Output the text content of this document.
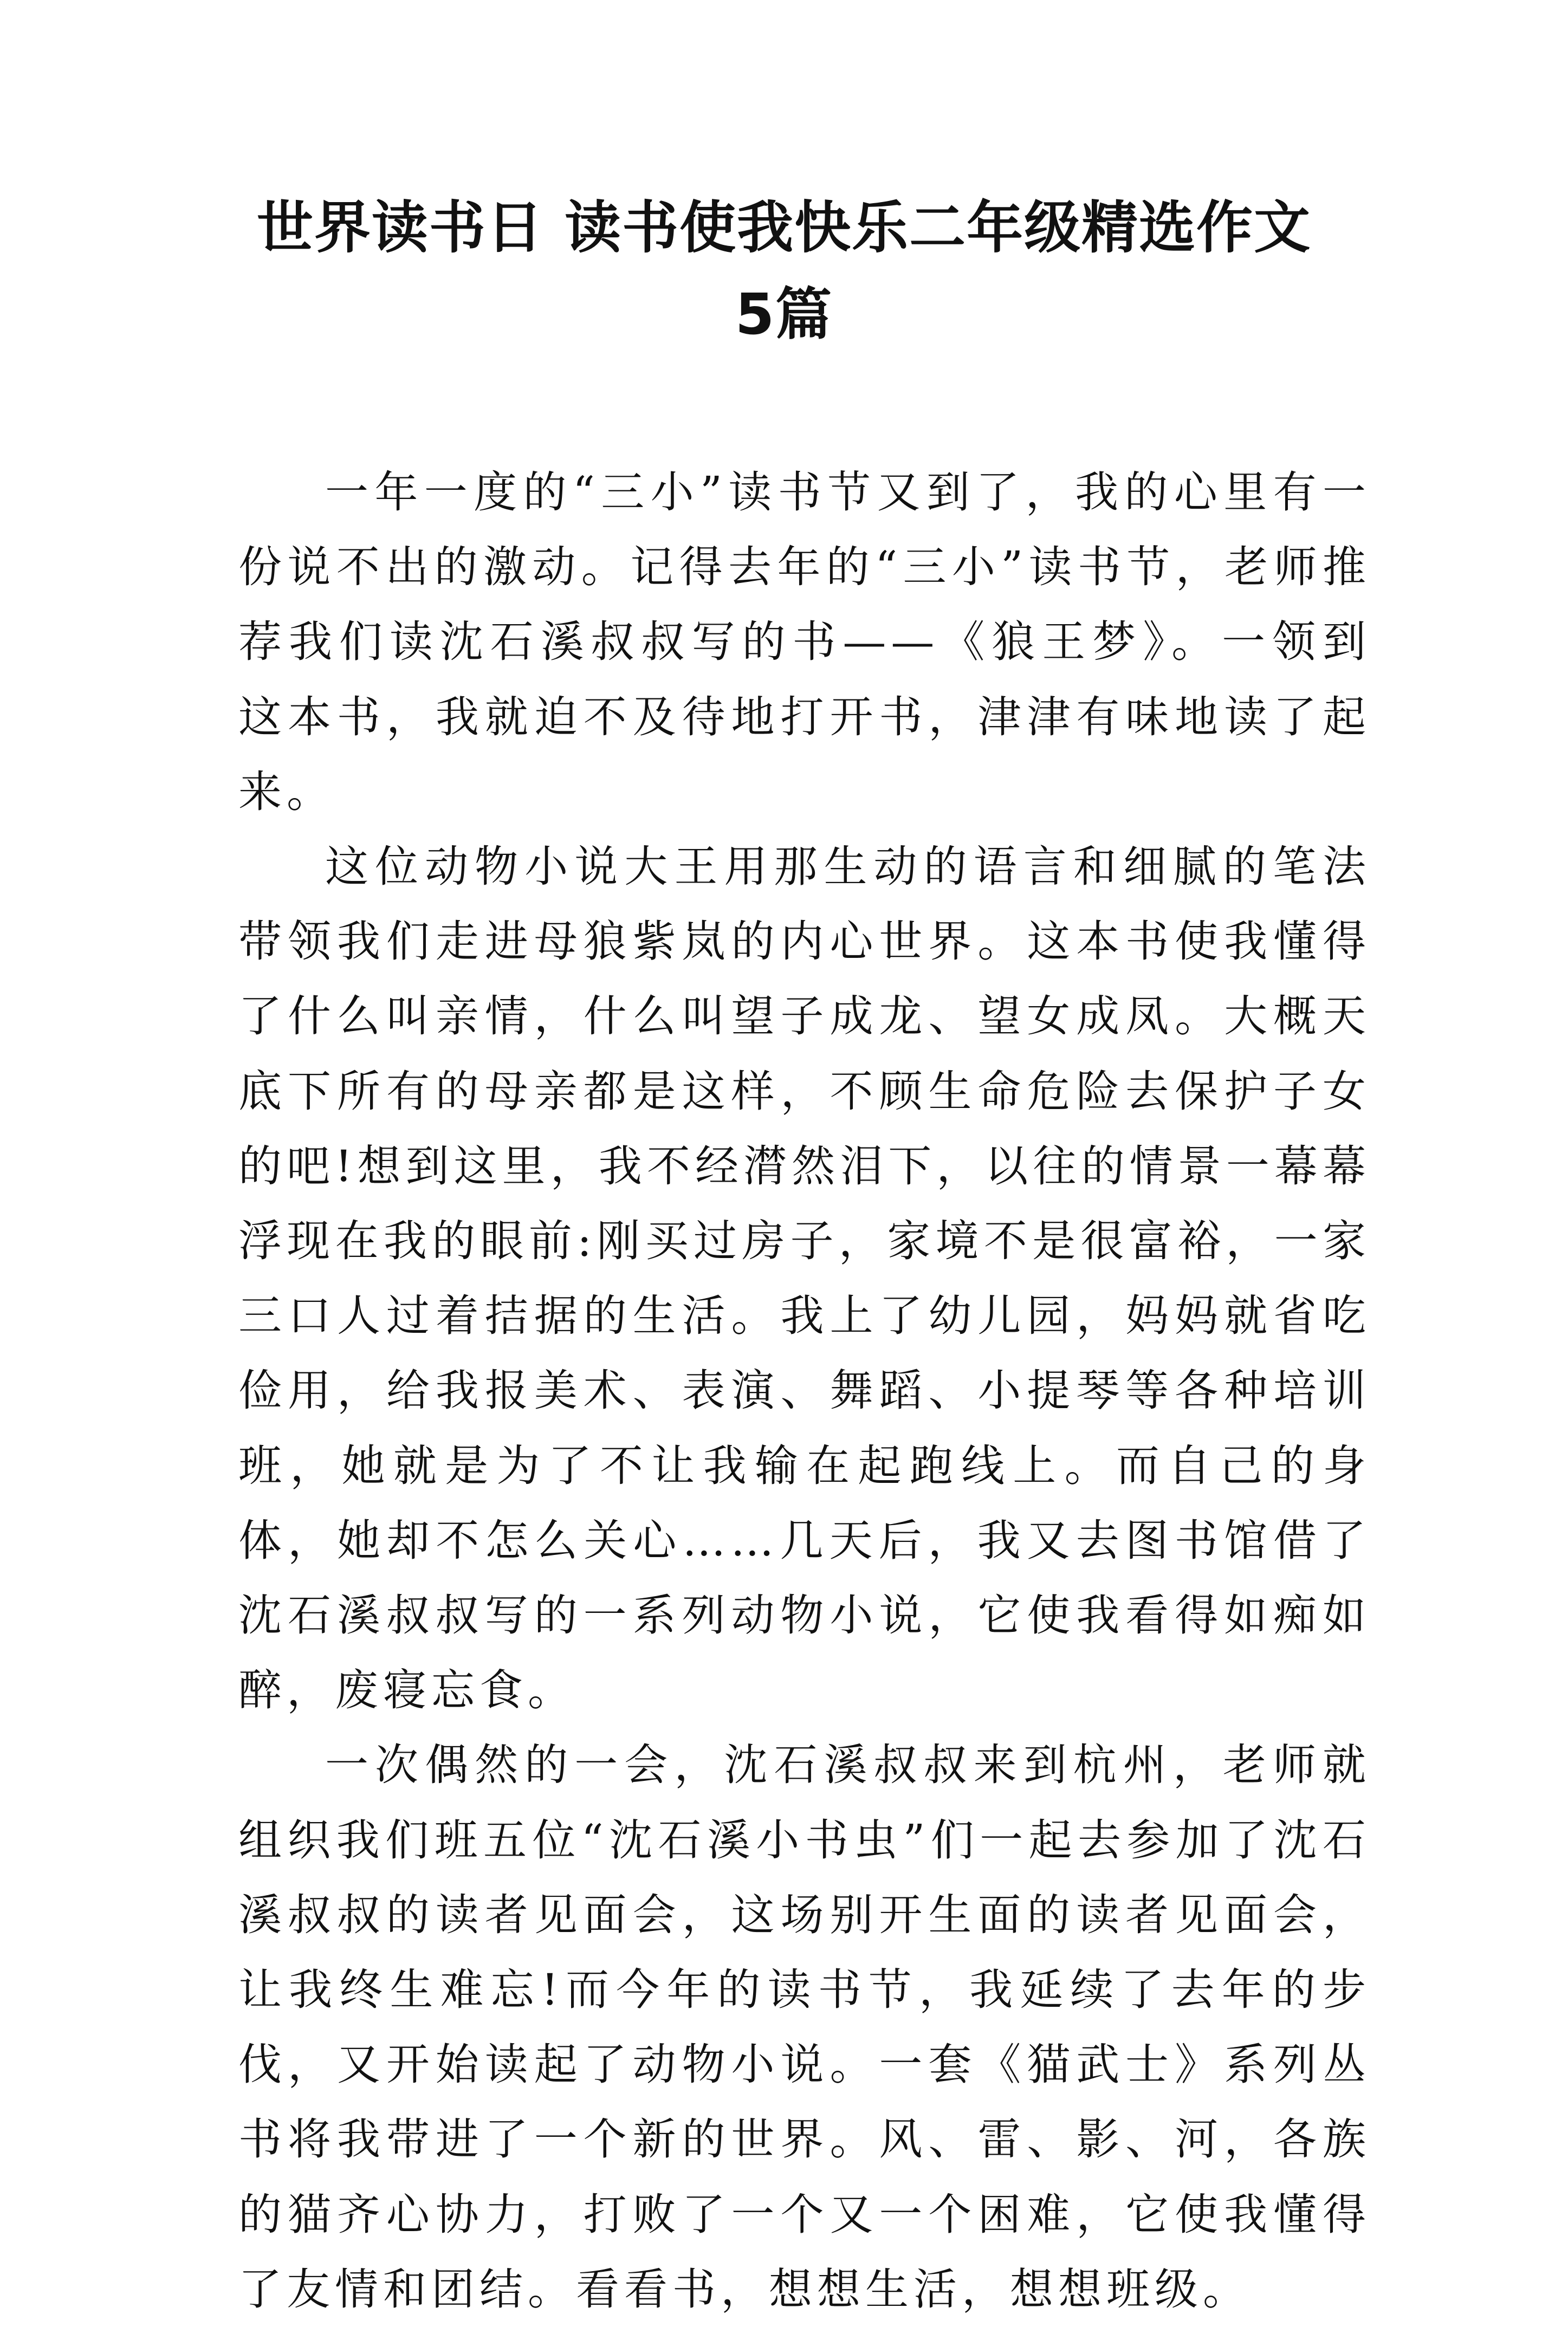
世界读书日 读书使我快乐二年级精选作文
5篇

一年一度的“三小”读书节又到了，我的心里有一份说不出的激动。记得去年的“三小”读书节，老师推荐我们读沈石溪叔叔写的书——《狼王梦》。一领到这本书，我就迫不及待地打开书，津津有味地读了起来。

这位动物小说大王用那生动的语言和细腻的笔法带领我们走进母狼紫岚的内心世界。这本书使我懂得了什么叫亲情，什么叫望子成龙、望女成凤。大概天底下所有的母亲都是这样，不顾生命危险去保护子女的吧!想到这里，我不经潸然泪下，以往的情景一幕幕浮现在我的眼前:刚买过房子，家境不是很富裕，一家三口人过着拮据的生活。我上了幼儿园，妈妈就省吃俭用，给我报美术、表演、舞蹈、小提琴等各种培训班，她就是为了不让我输在起跑线上。而自己的身体，她却不怎么关心……几天后，我又去图书馆借了沈石溪叔叔写的一系列动物小说，它使我看得如痴如醉，废寝忘食。

一次偶然的一会，沈石溪叔叔来到杭州，老师就组织我们班五位“沈石溪小书虫”们一起去参加了沈石溪叔叔的读者见面会，这场别开生面的读者见面会，让我终生难忘!而今年的读书节，我延续了去年的步伐，又开始读起了动物小说。一套《猫武士》系列丛书将我带进了一个新的世界。风、雷、影、河，各族的猫齐心协力，打败了一个又一个困难，它使我懂得了友情和团结。看看书，想想生活，想想班级。
